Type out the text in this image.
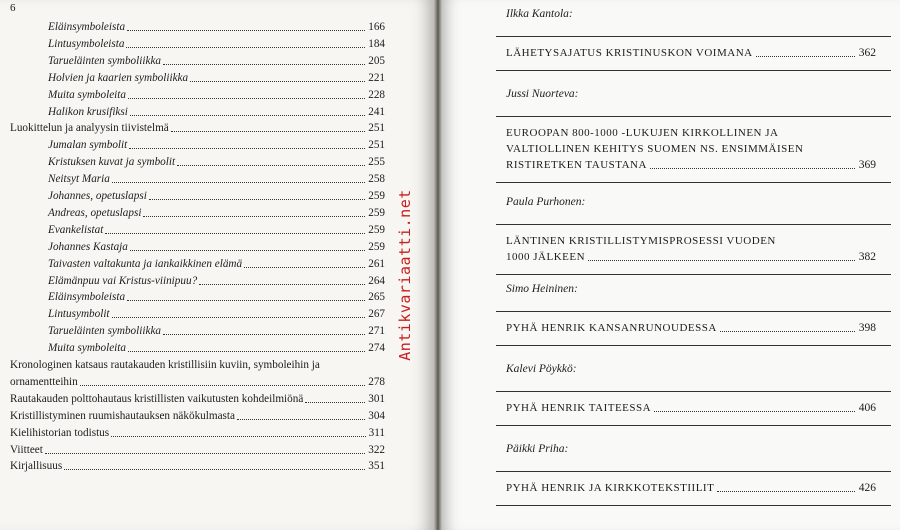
6
Eläinsymboleista	166
Lintusymboleista	184
Tarueläinten symboliikka	205
Holvien ja kaarien symboliikka	221
Muita symboleita	228
Halikon krusifiksi	241
Luokittelun ja analyysin tiivistelmä	251
Jumalan symbolit	251
Kristuksen kuvat ja symbolit	255
Neitsyt Maria	258
Johannes, opetuslapsi	259
Andreas, opetuslapsi	259
Evankelistat	259
Johannes Kastaja	259
Taivasten valtakunta ja iankaikkinen elämä	261
Elämänpuu vai Kristus-viinipuu?	264
Eläinsymboleista	265
Lintusymbolit	267
Tarueläinten symboliikka	271
Muita symboleita	274
Kronologinen katsaus rautakauden kristillisiin kuviin, symboleihin ja
ornamentteihin	278
Rautakauden polttohautaus kristillisten vaikutusten kohdeilmiönä	301
Kristillistyminen ruumishautauksen näkökulmasta	304
Kielihistorian todistus	311
Viitteet	322
Kirjallisuus	351
Antikvariaatti.net
Ilkka Kantola:
LÄHETYSAJATUS KRISTINUSKON VOIMANA	362
Jussi Nuorteva:
EUROOPAN 800-1000 -LUKUJEN KIRKOLLINEN JA
VALTIOLLINEN KEHITYS SUOMEN NS. ENSIMMÄISEN
RISTIRETKEN TAUSTANA	369
Paula Purhonen:
LÄNTINEN KRISTILLISTYMISPROSESSI VUODEN
1000 JÄLKEEN	382
Simo Heininen:
PYHÄ HENRIK KANSANRUNOUDESSA	398
Kalevi Pöykkö:
PYHÄ HENRIK TAITEESSA	406
Päikki Priha:
PYHÄ HENRIK JA KIRKKOTEKSTIILIT	426
